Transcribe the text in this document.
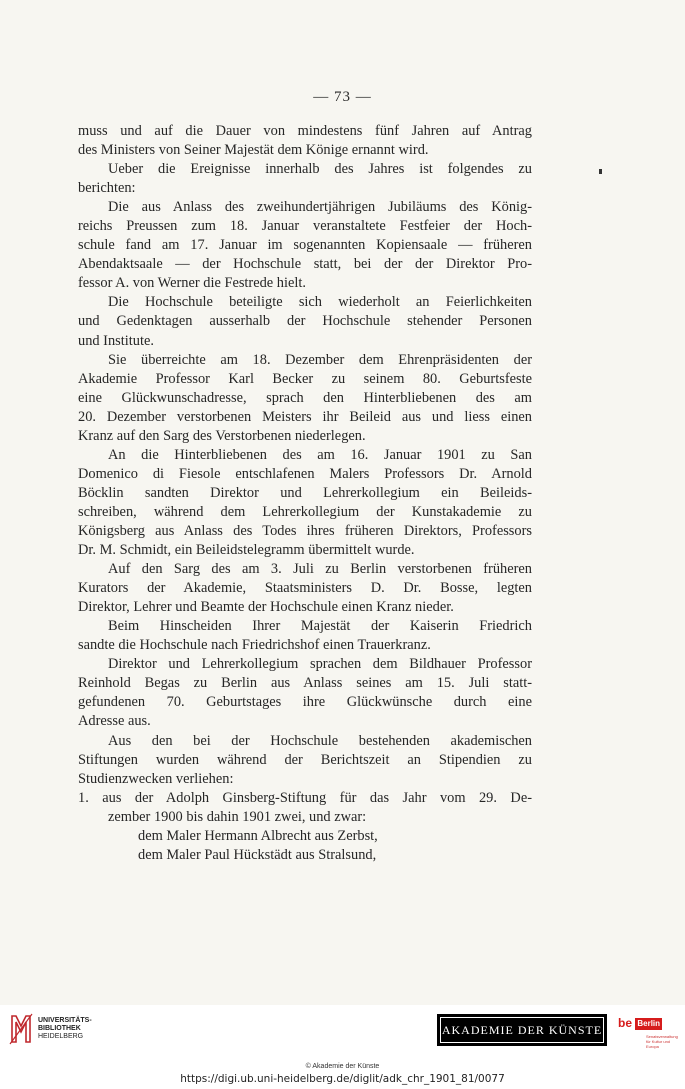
— 73 —
muss und auf die Dauer von mindestens fünf Jahren auf Antrag
des Ministers von Seiner Majestät dem Könige ernannt wird.
Ueber die Ereignisse innerhalb des Jahres ist folgendes zu
berichten:
Die aus Anlass des zweihundertjährigen Jubiläums des König-
reichs Preussen zum 18. Januar veranstaltete Festfeier der Hoch-
schule fand am 17. Januar im sogenannten Kopiensaale — früheren
Abendaktsaale — der Hochschule statt, bei der der Direktor Pro-
fessor A. von Werner die Festrede hielt.
Die Hochschule beteiligte sich wiederholt an Feierlichkeiten
und Gedenktagen ausserhalb der Hochschule stehender Personen
und Institute.
Sie überreichte am 18. Dezember dem Ehrenpräsidenten der
Akademie Professor Karl Becker zu seinem 80. Geburtsfeste
eine Glückwunschadresse, sprach den Hinterbliebenen des am
20. Dezember verstorbenen Meisters ihr Beileid aus und liess einen
Kranz auf den Sarg des Verstorbenen niederlegen.
An die Hinterbliebenen des am 16. Januar 1901 zu San
Domenico di Fiesole entschlafenen Malers Professors Dr. Arnold
Böcklin sandten Direktor und Lehrerkollegium ein Beileids-
schreiben, während dem Lehrerkollegium der Kunstakademie zu
Königsberg aus Anlass des Todes ihres früheren Direktors, Professors
Dr. M. Schmidt, ein Beileidstelegramm übermittelt wurde.
Auf den Sarg des am 3. Juli zu Berlin verstorbenen früheren
Kurators der Akademie, Staatsministers D. Dr. Bosse, legten
Direktor, Lehrer und Beamte der Hochschule einen Kranz nieder.
Beim Hinscheiden Ihrer Majestät der Kaiserin Friedrich
sandte die Hochschule nach Friedrichshof einen Trauerkranz.
Direktor und Lehrerkollegium sprachen dem Bildhauer Professor
Reinhold Begas zu Berlin aus Anlass seines am 15. Juli statt-
gefundenen 70. Geburtstages ihre Glückwünsche durch eine
Adresse aus.
Aus den bei der Hochschule bestehenden akademischen
Stiftungen wurden während der Berichtszeit an Stipendien zu
Studienzwecken verliehen:
1. aus der Adolph Ginsberg-Stiftung für das Jahr vom 29. De-
zember 1900 bis dahin 1901 zwei, und zwar:
dem Maler Hermann Albrecht aus Zerbst,
dem Maler Paul Hückstädt aus Stralsund,
UNIVERSITÄTS-
BIBLIOTHEK
HEIDELBERG	AKADEMIE DER KÜNSTE be Berlin
Senatsverwaltung für Kultur und Europa
© Akademie der Künste
https://digi.ub.uni-heidelberg.de/diglit/adk_chr_1901_81/0077
